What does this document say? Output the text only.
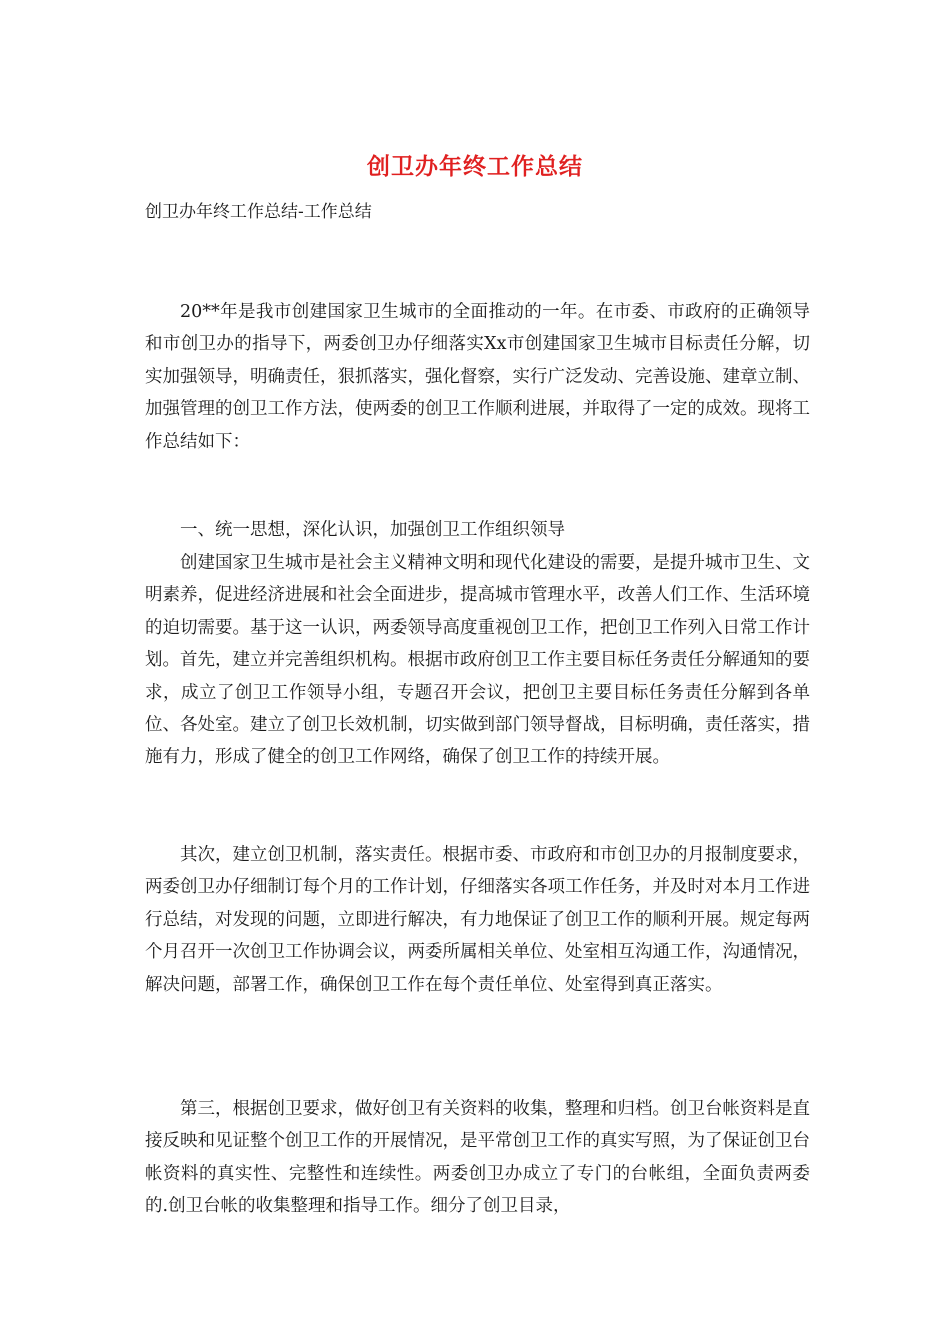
创卫办年终工作总结

创卫办年终工作总结-工作总结

20**年是我市创建国家卫生城市的全面推动的一年。在市委、市政府的正确领导和市创卫办的指导下，两委创卫办仔细落实Xx市创建国家卫生城市目标责任分解，切实加强领导，明确责任，狠抓落实，强化督察，实行广泛发动、完善设施、建章立制、加强管理的创卫工作方法，使两委的创卫工作顺利进展，并取得了一定的成效。现将工作总结如下：

一、统一思想，深化认识，加强创卫工作组织领导

创建国家卫生城市是社会主义精神文明和现代化建设的需要，是提升城市卫生、文明素养，促进经济进展和社会全面进步，提高城市管理水平，改善人们工作、生活环境的迫切需要。基于这一认识，两委领导高度重视创卫工作，把创卫工作列入日常工作计划。首先，建立并完善组织机构。根据市政府创卫工作主要目标任务责任分解通知的要求，成立了创卫工作领导小组，专题召开会议，把创卫主要目标任务责任分解到各单位、各处室。建立了创卫长效机制，切实做到部门领导督战，目标明确，责任落实，措施有力，形成了健全的创卫工作网络，确保了创卫工作的持续开展。

其次，建立创卫机制，落实责任。根据市委、市政府和市创卫办的月报制度要求，两委创卫办仔细制订每个月的工作计划，仔细落实各项工作任务，并及时对本月工作进行总结，对发现的问题，立即进行解决，有力地保证了创卫工作的顺利开展。规定每两个月召开一次创卫工作协调会议，两委所属相关单位、处室相互沟通工作，沟通情况，解决问题，部署工作，确保创卫工作在每个责任单位、处室得到真正落实。

第三，根据创卫要求，做好创卫有关资料的收集，整理和归档。创卫台帐资料是直接反映和见证整个创卫工作的开展情况，是平常创卫工作的真实写照，为了保证创卫台帐资料的真实性、完整性和连续性。两委创卫办成立了专门的台帐组，全面负责两委的.创卫台帐的收集整理和指导工作。细分了创卫目录，
